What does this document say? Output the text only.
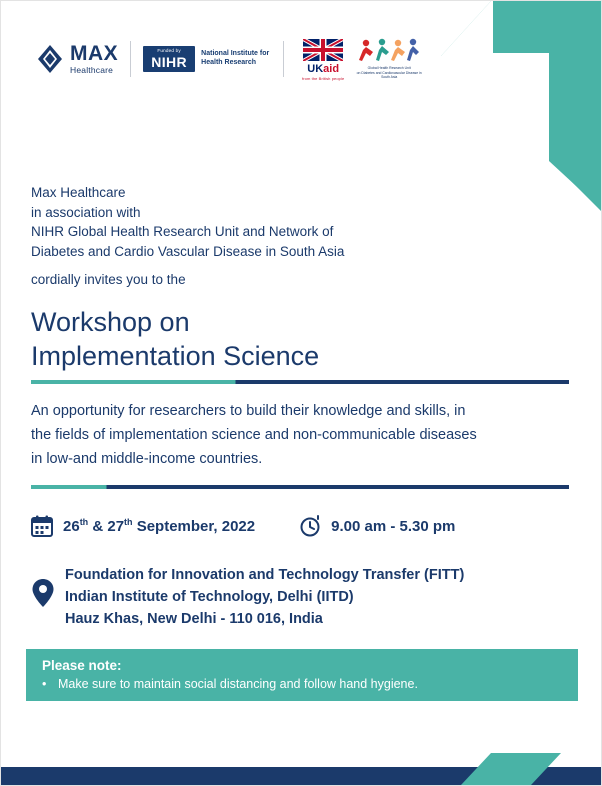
MAX
Healthcare
Funded by
NIHR
National Institute for Health Research	UKaid
from the British people
Global Health Research Unit
on Diabetes and Cardiovascular Disease in South Asia
Max Healthcare
in association with
NIHR Global Health Research Unit and Network of
Diabetes and Cardio Vascular Disease in South Asia
cordially invites you to the
Workshop on
Implementation Science
An opportunity for researchers to build their knowledge and skills, in
the fields of implementation science and non-communicable diseases
in low-and middle-income countries.
26th & 27th September, 2022	9.00 am - 5.30 pm
Foundation for Innovation and Technology Transfer (FITT)
Indian Institute of Technology, Delhi (IITD)
Hauz Khas, New Delhi - 110 016, India
Please note:
• Make sure to maintain social distancing and follow hand hygiene.
